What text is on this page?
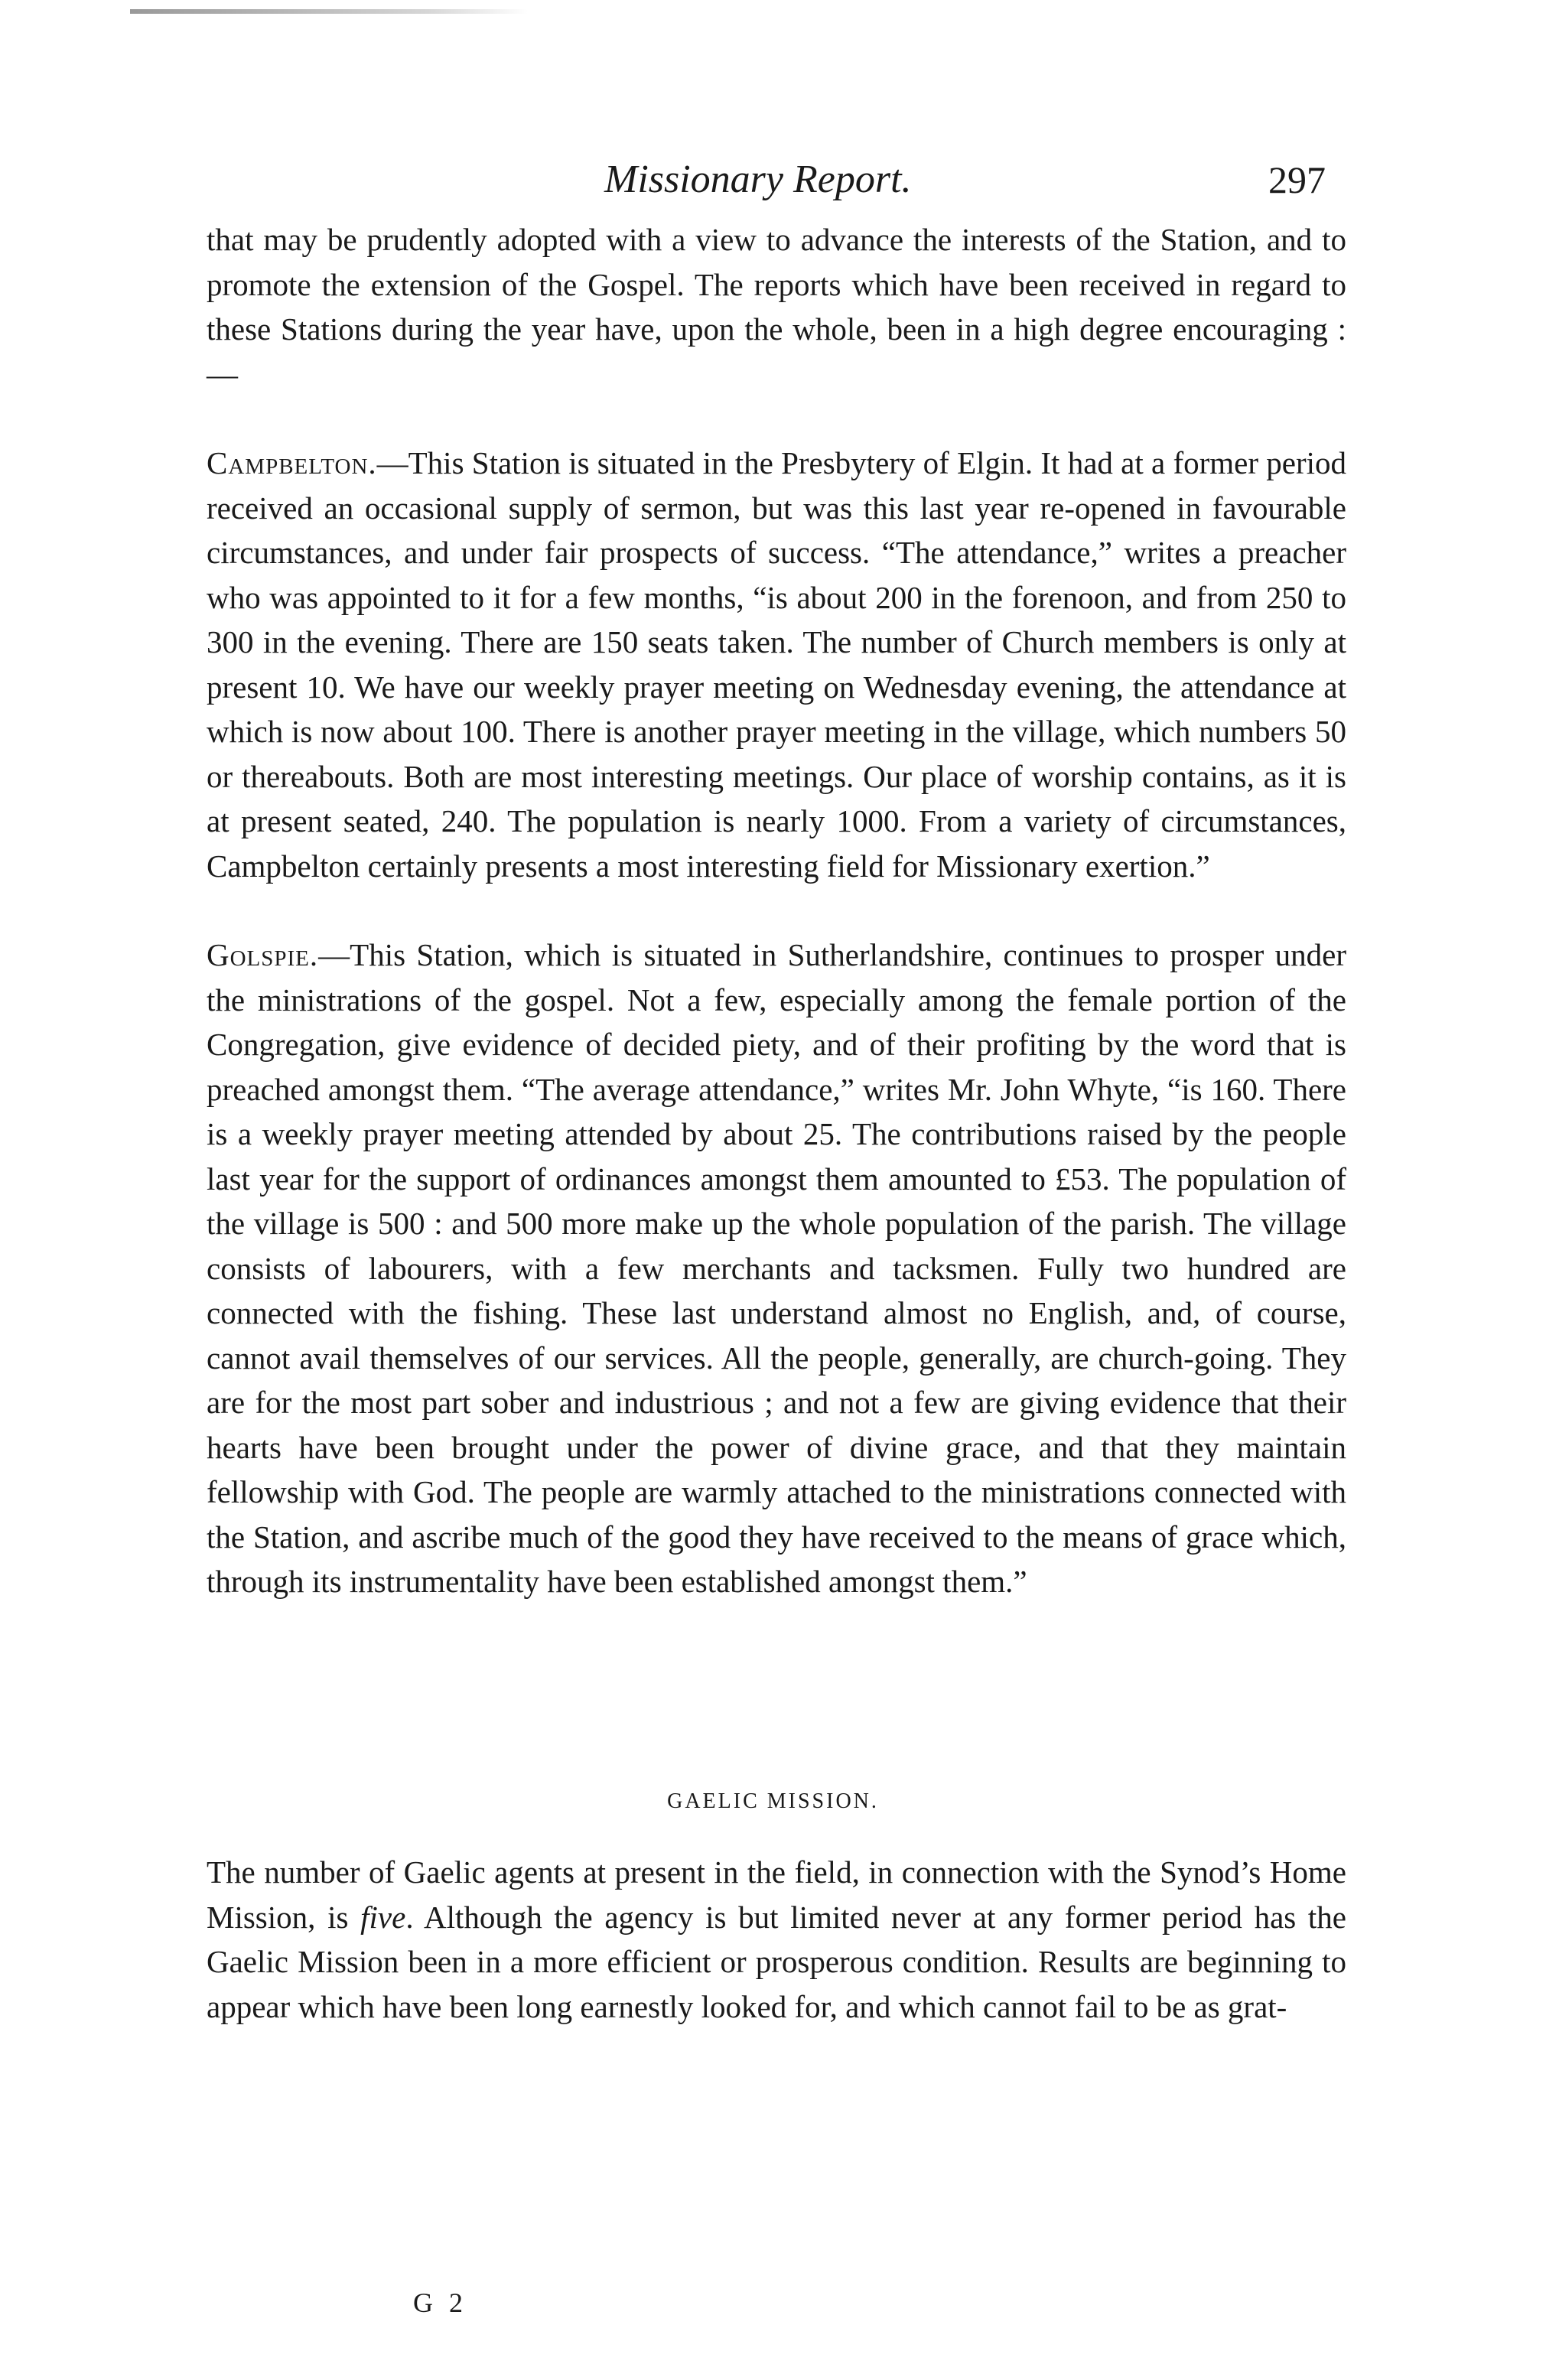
Missionary Report.	297

that may be prudently adopted with a view to advance the interests of the Station, and to promote the extension of the Gospel. The reports which have been received in regard to these Stations during the year have, upon the whole, been in a high degree encouraging :—

Campbelton.—This Station is situated in the Presbytery of Elgin. It had at a former period received an occasional supply of sermon, but was this last year re-opened in favourable circumstances, and under fair prospects of success. “The attendance,” writes a preacher who was appointed to it for a few months, “is about 200 in the forenoon, and from 250 to 300 in the evening. There are 150 seats taken. The number of Church members is only at present 10. We have our weekly prayer meeting on Wednesday evening, the attendance at which is now about 100. There is another prayer meeting in the village, which numbers 50 or thereabouts. Both are most interesting meetings. Our place of worship contains, as it is at present seated, 240. The population is nearly 1000. From a variety of circumstances, Campbelton certainly presents a most interesting field for Missionary exertion.”

Golspie.—This Station, which is situated in Sutherlandshire, continues to prosper under the ministrations of the gospel. Not a few, especially among the female portion of the Congregation, give evidence of decided piety, and of their profiting by the word that is preached amongst them. “The average attendance,” writes Mr. John Whyte, “is 160. There is a weekly prayer meeting attended by about 25. The contributions raised by the people last year for the support of ordinances amongst them amounted to £53. The population of the village is 500 : and 500 more make up the whole population of the parish. The village consists of labourers, with a few merchants and tacksmen. Fully two hundred are connected with the fishing. These last understand almost no English, and, of course, cannot avail themselves of our services. All the people, generally, are church-going. They are for the most part sober and industrious ; and not a few are giving evidence that their hearts have been brought under the power of divine grace, and that they maintain fellowship with God. The people are warmly attached to the ministrations connected with the Station, and ascribe much of the good they have received to the means of grace which, through its instrumentality have been established amongst them.”

GAELIC MISSION.

The number of Gaelic agents at present in the field, in connection with the Synod’s Home Mission, is five. Although the agency is but limited never at any former period has the Gaelic Mission been in a more efficient or prosperous condition. Results are beginning to appear which have been long earnestly looked for, and which cannot fail to be as grat-

G 2
